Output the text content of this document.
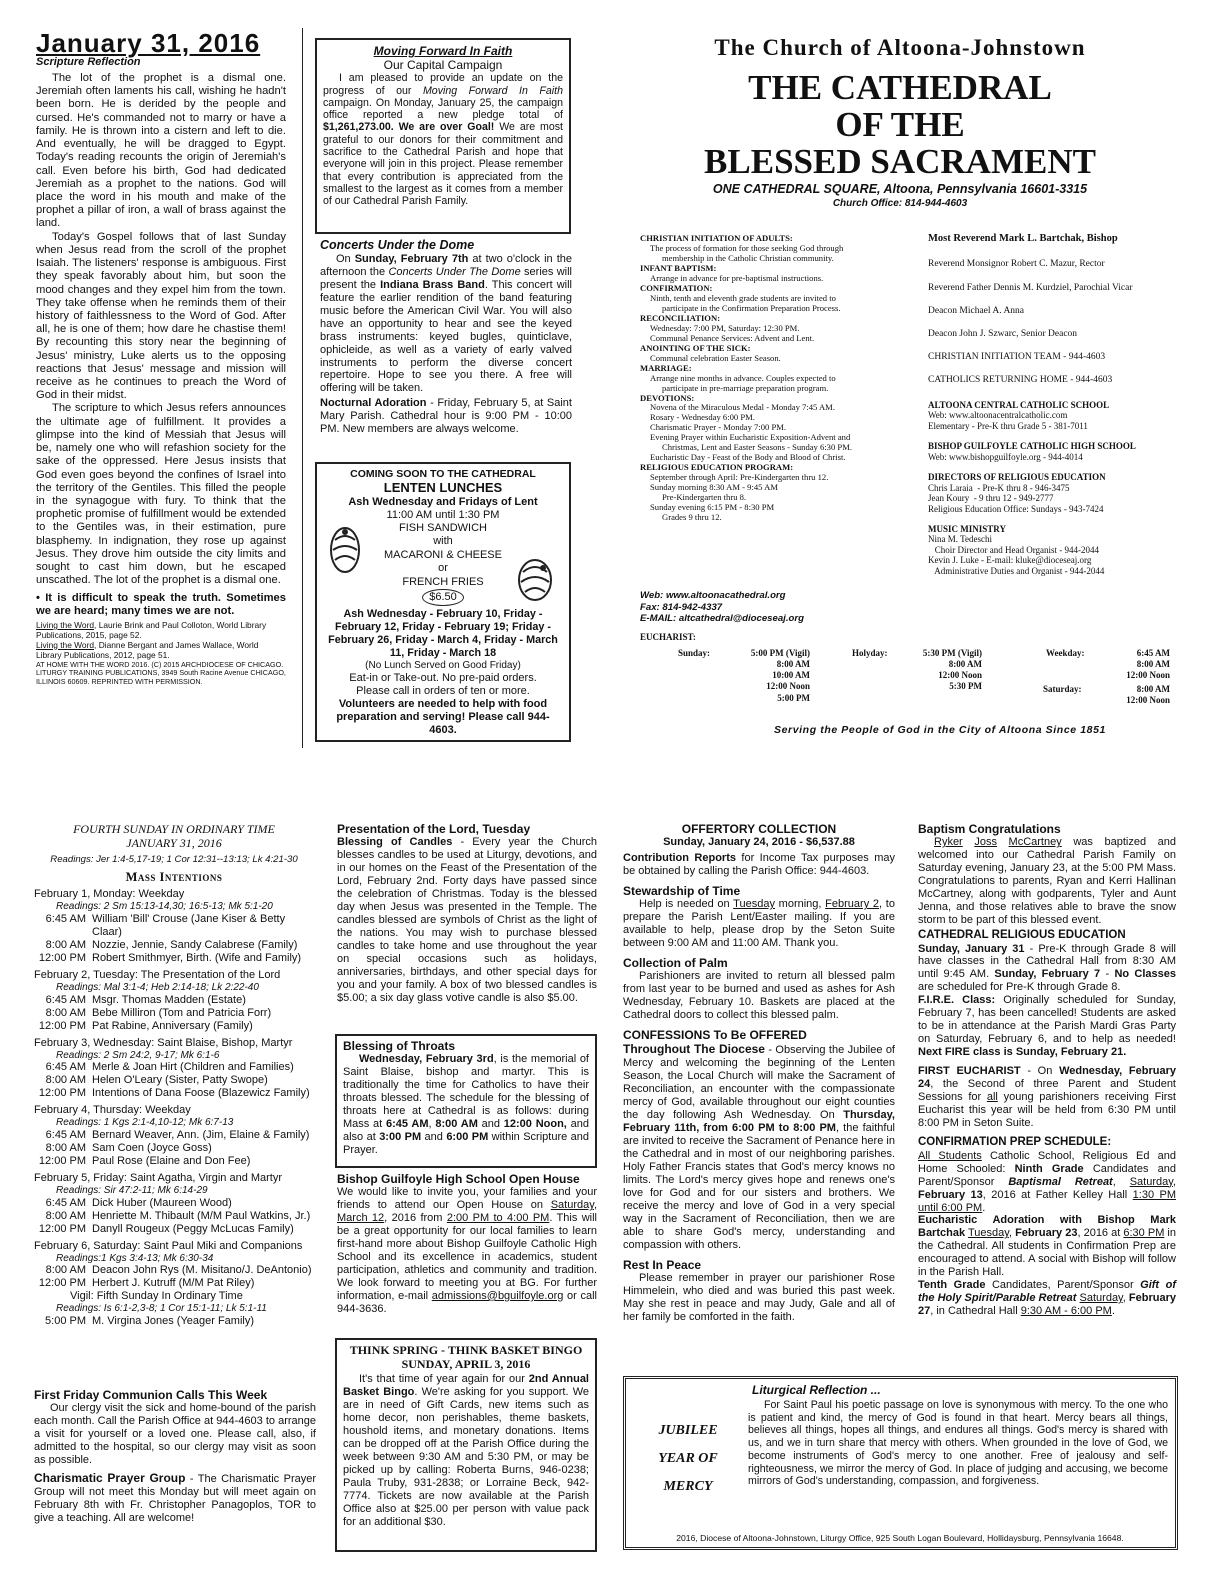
January 31, 2016
Scripture Reflection

The lot of the prophet is a dismal one. Jeremiah often laments his call, wishing he hadn't been born. He is derided by the people and cursed. He's commanded not to marry or have a family. He is thrown into a cistern and left to die. And eventually, he will be dragged to Egypt. Today's reading recounts the origin of Jeremiah's call. Even before his birth, God had dedicated Jeremiah as a prophet to the nations. God will place the word in his mouth and make of the prophet a pillar of iron, a wall of brass against the land.

Today's Gospel follows that of last Sunday when Jesus read from the scroll of the prophet Isaiah. The listeners' response is ambiguous. First they speak favorably about him, but soon the mood changes and they expel him from the town. They take offense when he reminds them of their history of faithlessness to the Word of God. After all, he is one of them; how dare he chastise them! By recounting this story near the beginning of Jesus' ministry, Luke alerts us to the opposing reactions that Jesus' message and mission will receive as he continues to preach the Word of God in their midst.

The scripture to which Jesus refers announces the ultimate age of fulfillment. It provides a glimpse into the kind of Messiah that Jesus will be, namely one who will refashion society for the sake of the oppressed. Here Jesus insists that God even goes beyond the confines of Israel into the territory of the Gentiles. This filled the people in the synagogue with fury. To think that the prophetic promise of fulfillment would be extended to the Gentiles was, in their estimation, pure blasphemy. In indignation, they rose up against Jesus. They drove him outside the city limits and sought to cast him down, but he escaped unscathed. The lot of the prophet is a dismal one.

• It is difficult to speak the truth. Sometimes we are heard; many times we are not.

Living the Word, Laurie Brink and Paul Colloton, World Library Publications, 2015, page 52.

Living the Word, Dianne Bergant and James Wallace, World Library Publications, 2012, page 51.

AT HOME WITH THE WORD 2016. (C) 2015 ARCHDIOCESE OF CHICAGO. LITURGY TRAINING PUBLICATIONS, 3949 South Racine Avenue CHICAGO, ILLINOIS 60609. REPRINTED WITH PERMISSION.

Moving Forward In Faith
Our Capital Campaign

I am pleased to provide an update on the progress of our Moving Forward In Faith campaign. On Monday, January 25, the campaign office reported a new pledge total of $1,261,273.00. We are over Goal! We are most grateful to our donors for their commitment and sacrifice to the Cathedral Parish and hope that everyone will join in this project. Please remember that every contribution is appreciated from the smallest to the largest as it comes from a member of our Cathedral Parish Family.

Concerts Under the Dome

On Sunday, February 7th at two o'clock in the afternoon the Concerts Under The Dome series will present the Indiana Brass Band. This concert will feature the earlier rendition of the band featuring music before the American Civil War. You will also have an opportunity to hear and see the keyed brass instruments: keyed bugles, quinticlave, ophicleide, as well as a variety of early valved instruments to perform the diverse concert repertoire. Hope to see you there. A free will offering will be taken.

Nocturnal Adoration - Friday, February 5, at Saint Mary Parish. Cathedral hour is 9:00 PM - 10:00 PM. New members are always welcome.

COMING SOON TO THE CATHEDRAL
LENTEN LUNCHES
Ash Wednesday and Fridays of Lent
11:00 AM until 1:30 PM
FISH SANDWICH
with
MACARONI & CHEESE
or
FRENCH FRIES
$6.50
Ash Wednesday - February 10, Friday - February 12, Friday - February 19; Friday - February 26, Friday - March 4, Friday - March 11, Friday - March 18
(No Lunch Served on Good Friday)
Eat-in or Take-out. No pre-paid orders.
Please call in orders of ten or more.
Volunteers are needed to help with food preparation and serving! Please call 944-4603.
The Church of Altoona-Johnstown
THE CATHEDRAL
OF THE
BLESSED SACRAMENT
ONE CATHEDRAL SQUARE, Altoona, Pennsylvania 16601-3315
Church Office: 814-944-4603
CHRISTIAN INITIATION OF ADULTS:
The process of formation for those seeking God through
membership in the Catholic Christian community.
INFANT BAPTISM:
Arrange in advance for pre-baptismal instructions.
CONFIRMATION:
Ninth, tenth and eleventh grade students are invited to
participate in the Confirmation Preparation Process.
RECONCILIATION:
Wednesday: 7:00 PM, Saturday: 12:30 PM.
Communal Penance Services: Advent and Lent.
ANOINTING OF THE SICK:
Communal celebration Easter Season.
MARRIAGE:
Arrange nine months in advance. Couples expected to
participate in pre-marriage preparation program.
DEVOTIONS:
Novena of the Miraculous Medal - Monday 7:45 AM.
Rosary - Wednesday 6:00 PM.
Charismatic Prayer - Monday 7:00 PM.
Evening Prayer within Eucharistic Exposition-Advent and
Christmas, Lent and Easter Seasons - Sunday 6:30 PM.
Eucharistic Day - Feast of the Body and Blood of Christ.
RELIGIOUS EDUCATION PROGRAM:
September through April: Pre-Kindergarten thru 12.
Sunday morning 8:30 AM - 9:45 AM
Pre-Kindergarten thru 8.
Sunday evening 6:15 PM - 8:30 PM
Grades 9 thru 12.
Web: www.altoonacathedral.org
Fax: 814-942-4337
E-MAIL: altcathedral@dioceseaj.org
Most Reverend Mark L. Bartchak, Bishop
Reverend Monsignor Robert C. Mazur, Rector
Reverend Father Dennis M. Kurdziel, Parochial Vicar
Deacon Michael A. Anna
Deacon John J. Szwarc, Senior Deacon
CHRISTIAN INITIATION TEAM - 944-4603
CATHOLICS RETURNING HOME - 944-4603
ALTOONA CENTRAL CATHOLIC SCHOOL
Web: www.altoonacentralcatholic.com
Elementary - Pre-K thru Grade 5 - 381-7011
BISHOP GUILFOYLE CATHOLIC HIGH SCHOOL
Web: www.bishopguilfoyle.org - 944-4014
DIRECTORS OF RELIGIOUS EDUCATION
Chris Laraia  - Pre-K thru 8 - 946-3475
Jean Koury  - 9 thru 12 - 949-2777
Religious Education Office: Sundays - 943-7424
MUSIC MINISTRY
Nina M. Tedeschi
Choir Director and Head Organist - 944-2044
Kevin J. Luke - E-mail: kluke@dioceseaj.org
Administrative Duties and Organist - 944-2044
EUCHARIST:
Sunday:	5:00 PM (Vigil)
8:00 AM
10:00 AM
12:00 Noon
5:00 PM
Holyday:	5:30 PM (Vigil)
8:00 AM
12:00 Noon
5:30 PM
Weekday:	6:45 AM
8:00 AM
12:00 Noon
Saturday:	8:00 AM
12:00 Noon
Serving the People of God in the City of Altoona Since 1851
FOURTH SUNDAY IN ORDINARY TIME
JANUARY 31, 2016
Readings: Jer 1:4-5,17-19; 1 Cor 12:31--13:13; Lk 4:21-30
Mass Intentions
February 1, Monday: Weekday
Readings: 2 Sm 15:13-14,30; 16:5-13; Mk 5:1-20
6:45 AM William 'Bill' Crouse (Jane Kiser & Betty Claar)
8:00 AM Nozzie, Jennie, Sandy Calabrese (Family)
12:00 PM Robert Smithmyer, Birth. (Wife and Family)
February 2, Tuesday: The Presentation of the Lord
Readings: Mal 3:1-4; Heb 2:14-18; Lk 2:22-40
6:45 AM Msgr. Thomas Madden (Estate)
8:00 AM Bebe Milliron (Tom and Patricia Forr)
12:00 PM Pat Rabine, Anniversary (Family)
February 3, Wednesday: Saint Blaise, Bishop, Martyr
Readings: 2 Sm 24:2, 9-17; Mk 6:1-6
6:45 AM Merle & Joan Hirt (Children and Families)
8:00 AM Helen O'Leary (Sister, Patty Swope)
12:00 PM Intentions of Dana Foose (Blazewicz Family)
February 4, Thursday: Weekday
Readings: 1 Kgs 2:1-4,10-12; Mk 6:7-13
6:45 AM Bernard Weaver, Ann. (Jim, Elaine & Family)
8:00 AM Sam Coen (Joyce Goss)
12:00 PM Paul Rose (Elaine and Don Fee)
February 5, Friday: Saint Agatha, Virgin and Martyr
Readings: Sir 47:2-11; Mk 6:14-29
6:45 AM Dick Huber (Maureen Wood)
8:00 AM Henriette M. Thibault (M/M Paul Watkins, Jr.)
12:00 PM Danyll Rougeux (Peggy McLucas Family)
February 6, Saturday: Saint Paul Miki and Companions
Readings:1 Kgs 3:4-13; Mk 6:30-34
8:00 AM Deacon John Rys (M. Misitano/J. DeAntonio)
12:00 PM Herbert J. Kutruff (M/M Pat Riley)
Vigil: Fifth Sunday In Ordinary Time
Readings: Is 6:1-2,3-8; 1 Cor 15:1-11; Lk 5:1-11
5:00 PM M. Virgina Jones (Yeager Family)
First Friday Communion Calls This Week

Our clergy visit the sick and home-bound of the parish each month. Call the Parish Office at 944-4603 to arrange a visit for yourself or a loved one. Please call, also, if admitted to the hospital, so our clergy may visit as soon as possible.

Charismatic Prayer Group - The Charismatic Prayer Group will not meet this Monday but will meet again on February 8th with Fr. Christopher Panagoplos, TOR to give a teaching. All are welcome!

Presentation of the Lord, Tuesday

Blessing of Candles - Every year the Church blesses candles to be used at Liturgy, devotions, and in our homes on the Feast of the Presentation of the Lord, February 2nd. Forty days have passed since the celebration of Christmas. Today is the blessed day when Jesus was presented in the Temple. The candles blessed are symbols of Christ as the light of the nations. You may wish to purchase blessed candles to take home and use throughout the year on special occasions such as holidays, anniversaries, birthdays, and other special days for you and your family. A box of two blessed candles is $5.00; a six day glass votive candle is also $5.00.

Blessing of Throats

Wednesday, February 3rd, is the memorial of Saint Blaise, bishop and martyr. This is traditionally the time for Catholics to have their throats blessed. The schedule for the blessing of throats here at Cathedral is as follows: during Mass at 6:45 AM, 8:00 AM and 12:00 Noon, and also at 3:00 PM and 6:00 PM within Scripture and Prayer.

Bishop Guilfoyle High School Open House

We would like to invite you, your families and your friends to attend our Open House on Saturday, March 12, 2016 from 2:00 PM to 4:00 PM. This will be a great opportunity for our local families to learn first-hand more about Bishop Guilfoyle Catholic High School and its excellence in academics, student participation, athletics and community and tradition. We look forward to meeting you at BG. For further information, e-mail admissions@bguilfoyle.org or call 944-3636.

THINK SPRING - THINK BASKET BINGO
SUNDAY, APRIL 3, 2016

It's that time of year again for our 2nd Annual Basket Bingo. We're asking for you support. We are in need of Gift Cards, new items such as home decor, non perishables, theme baskets, houshold items, and monetary donations. Items can be dropped off at the Parish Office during the week between 9:30 AM and 5:30 PM, or may be picked up by calling: Roberta Burns, 946-0238; Paula Truby, 931-2838; or Lorraine Beck, 942-7774. Tickets are now available at the Parish Office also at $25.00 per person with value pack for an additional $30.

OFFERTORY COLLECTION
Sunday, January 24, 2016 - $6,537.88

Contribution Reports for Income Tax purposes may be obtained by calling the Parish Office: 944-4603.

Stewardship of Time

Help is needed on Tuesday morning, February 2, to prepare the Parish Lent/Easter mailing. If you are available to help, please drop by the Seton Suite between 9:00 AM and 11:00 AM. Thank you.

Collection of Palm

Parishioners are invited to return all blessed palm from last year to be burned and used as ashes for Ash Wednesday, February 10. Baskets are placed at the Cathedral doors to collect this blessed palm.

CONFESSIONS To Be OFFERED

Throughout The Diocese - Observing the Jubilee of Mercy and welcoming the beginning of the Lenten Season, the Local Church will make the Sacrament of Reconciliation, an encounter with the compassionate mercy of God, available throughout our eight counties the day following Ash Wednesday. On Thursday, February 11th, from 6:00 PM to 8:00 PM, the faithful are invited to receive the Sacrament of Penance here in the Cathedral and in most of our neighboring parishes. Holy Father Francis states that God's mercy knows no limits. The Lord's mercy gives hope and renews one's love for God and for our sisters and brothers. We receive the mercy and love of God in a very special way in the Sacrament of Reconciliation, then we are able to share God's mercy, understanding and compassion with others.

Rest In Peace

Please remember in prayer our parishioner Rose Himmelein, who died and was buried this past week. May she rest in peace and may Judy, Gale and all of her family be comforted in the faith.

Baptism Congratulations

Ryker Joss McCartney was baptized and welcomed into our Cathedral Parish Family on Saturday evening, January 23, at the 5:00 PM Mass. Congratulations to parents, Ryan and Kerri Hallinan McCartney, along with godparents, Tyler and Aunt Jenna, and those relatives able to brave the snow storm to be part of this blessed event.

CATHEDRAL RELIGIOUS EDUCATION

Sunday, January 31 - Pre-K through Grade 8 will have classes in the Cathedral Hall from 8:30 AM until 9:45 AM. Sunday, February 7 - No Classes are scheduled for Pre-K through Grade 8.

F.I.R.E. Class: Originally scheduled for Sunday, February 7, has been cancelled! Students are asked to be in attendance at the Parish Mardi Gras Party on Saturday, February 6, and to help as needed! Next FIRE class is Sunday, February 21.

FIRST EUCHARIST - On Wednesday, February 24, the Second of three Parent and Student Sessions for all young parishioners receiving First Eucharist this year will be held from 6:30 PM until 8:00 PM in Seton Suite.

CONFIRMATION PREP SCHEDULE:

All Students Catholic School, Religious Ed and Home Schooled: Ninth Grade Candidates and Parent/Sponsor Baptismal Retreat, Saturday, February 13, 2016 at Father Kelley Hall 1:30 PM until 6:00 PM.

Eucharistic Adoration with Bishop Mark Bartchak Tuesday, February 23, 2016 at 6:30 PM in the Cathedral. All students in Confirmation Prep are encouraged to attend. A social with Bishop will follow in the Parish Hall.

Tenth Grade Candidates, Parent/Sponsor Gift of the Holy Spirit/Parable Retreat Saturday, February 27, in Cathedral Hall 9:30 AM - 6:00 PM.

Liturgical Reflection ...
JUBILEE
YEAR OF
MERCY

For Saint Paul his poetic passage on love is synonymous with mercy. To the one who is patient and kind, the mercy of God is found in that heart. Mercy bears all things, believes all things, hopes all things, and endures all things. God's mercy is shared with us, and we in turn share that mercy with others. When grounded in the love of God, we become instruments of God's mercy to one another. Free of jealousy and self-righteousness, we mirror the mercy of God. In place of judging and accusing, we become mirrors of God's understanding, compassion, and forgiveness.

2016, Diocese of Altoona-Johnstown, Liturgy Office, 925 South Logan Boulevard, Hollidaysburg, Pennsylvania 16648.
